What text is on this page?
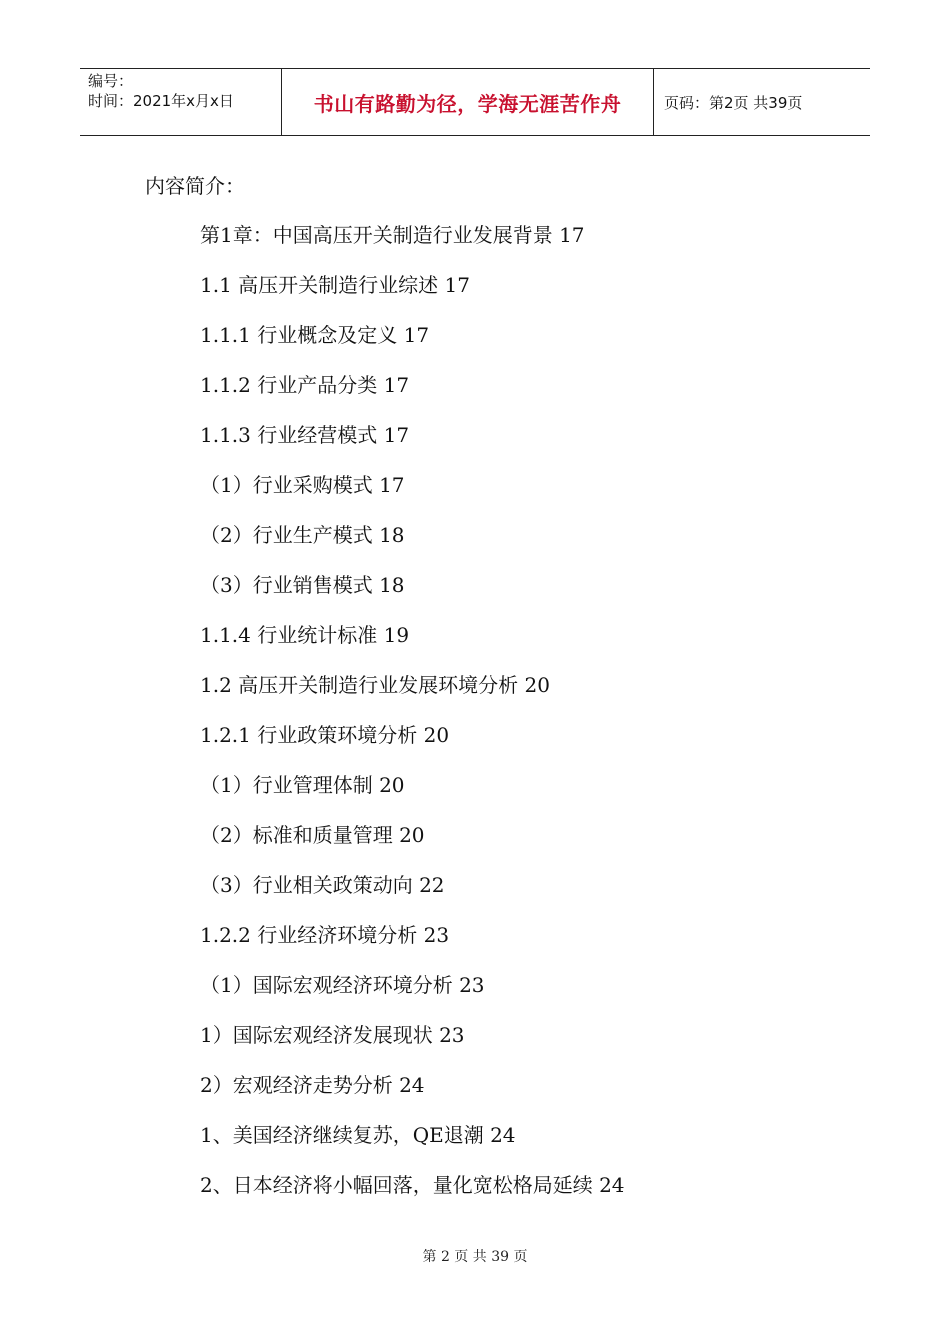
编号：
时间：2021年x月x日	书山有路勤为径，学海无涯苦作舟	页码：第2页 共39页
内容简介：
第1章：中国高压开关制造行业发展背景 17
1.1 高压开关制造行业综述 17
1.1.1 行业概念及定义 17
1.1.2 行业产品分类 17
1.1.3 行业经营模式 17
（1）行业采购模式 17
（2）行业生产模式 18
（3）行业销售模式 18
1.1.4 行业统计标准 19
1.2 高压开关制造行业发展环境分析 20
1.2.1 行业政策环境分析 20
（1）行业管理体制 20
（2）标准和质量管理 20
（3）行业相关政策动向 22
1.2.2 行业经济环境分析 23
（1）国际宏观经济环境分析 23
1）国际宏观经济发展现状 23
2）宏观经济走势分析 24
1、美国经济继续复苏，QE退潮 24
2、日本经济将小幅回落，量化宽松格局延续 24
第 2 页 共 39 页
